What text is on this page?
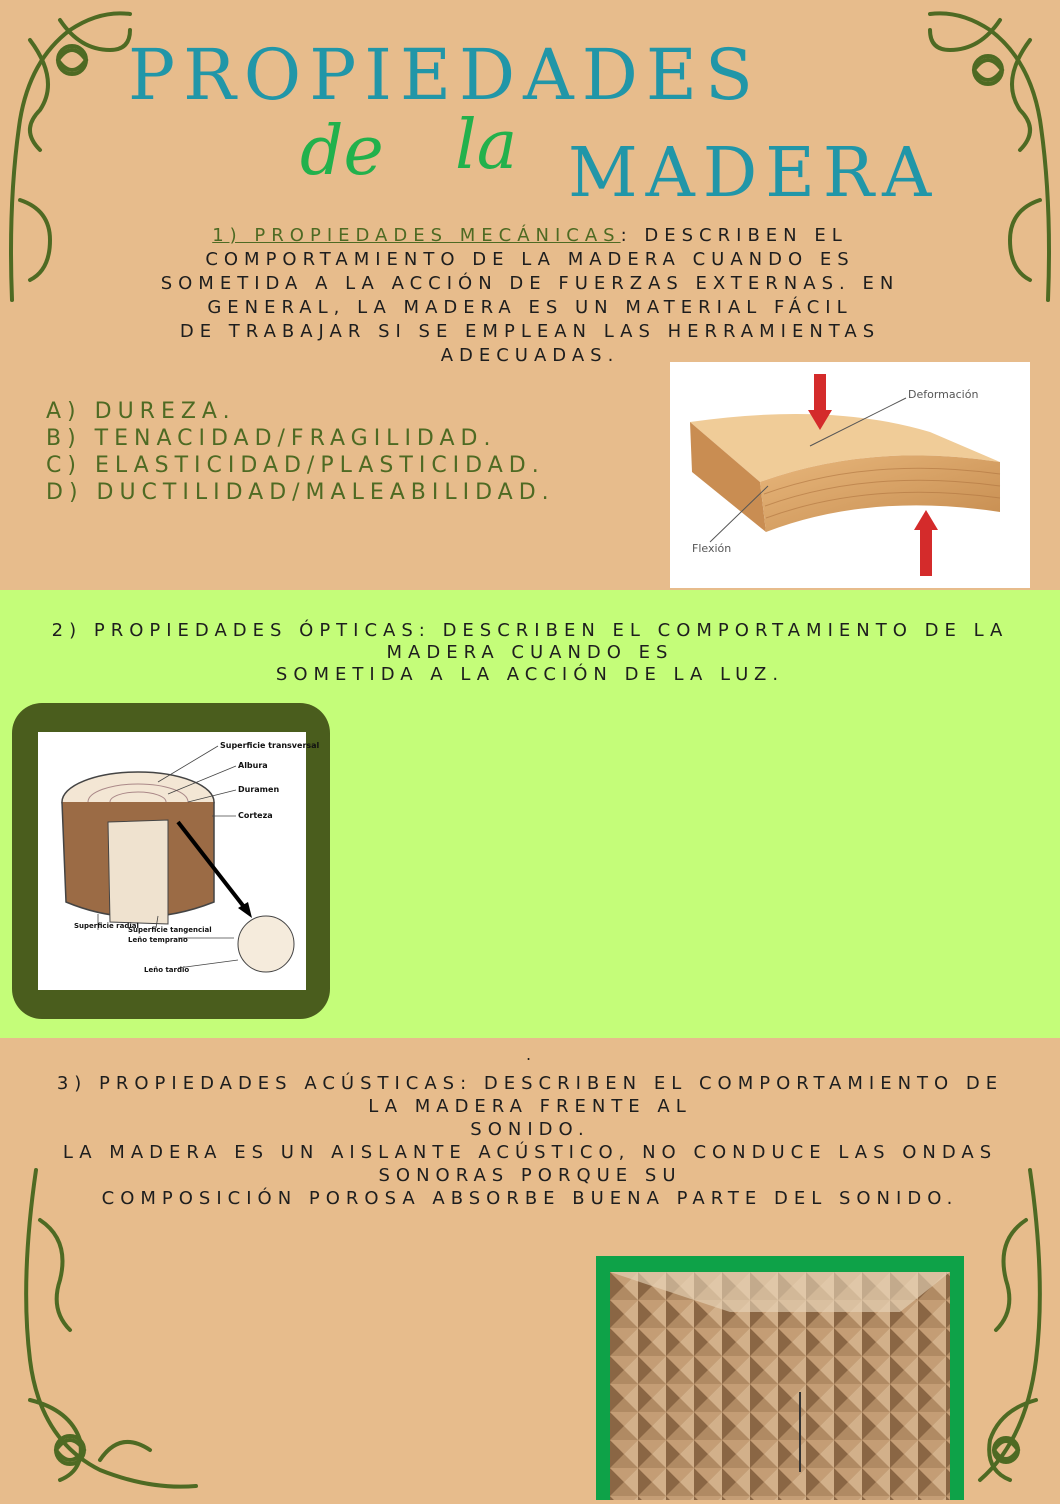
PROPIEDADES
de la MADERA
1) PROPIEDADES MECÁNICAS: DESCRIBEN EL
COMPORTAMIENTO DE LA MADERA CUANDO ES
SOMETIDA A LA ACCIÓN DE FUERZAS EXTERNAS. EN
GENERAL, LA MADERA ES UN MATERIAL FÁCIL
DE TRABAJAR SI SE EMPLEAN LAS HERRAMIENTAS
ADECUADAS.
A) DUREZA.
B) TENACIDAD/FRAGILIDAD.
C) ELASTICIDAD/PLASTICIDAD.
D) DUCTILIDAD/MALEABILIDAD.
Deformación
Flexión
2) PROPIEDADES ÓPTICAS: DESCRIBEN EL COMPORTAMIENTO DE LA
MADERA CUANDO ES
SOMETIDA A LA ACCIÓN DE LA LUZ.
Superficie transversal
Albura
Duramen
Corteza
Superficie radial
Superficie tangencial
Leño temprano
Leño tardío
.
3) PROPIEDADES ACÚSTICAS: DESCRIBEN EL COMPORTAMIENTO DE
LA MADERA FRENTE AL
SONIDO.
LA MADERA ES UN AISLANTE ACÚSTICO, NO CONDUCE LAS ONDAS
SONORAS PORQUE SU
COMPOSICIÓN POROSA ABSORBE BUENA PARTE DEL SONIDO.
